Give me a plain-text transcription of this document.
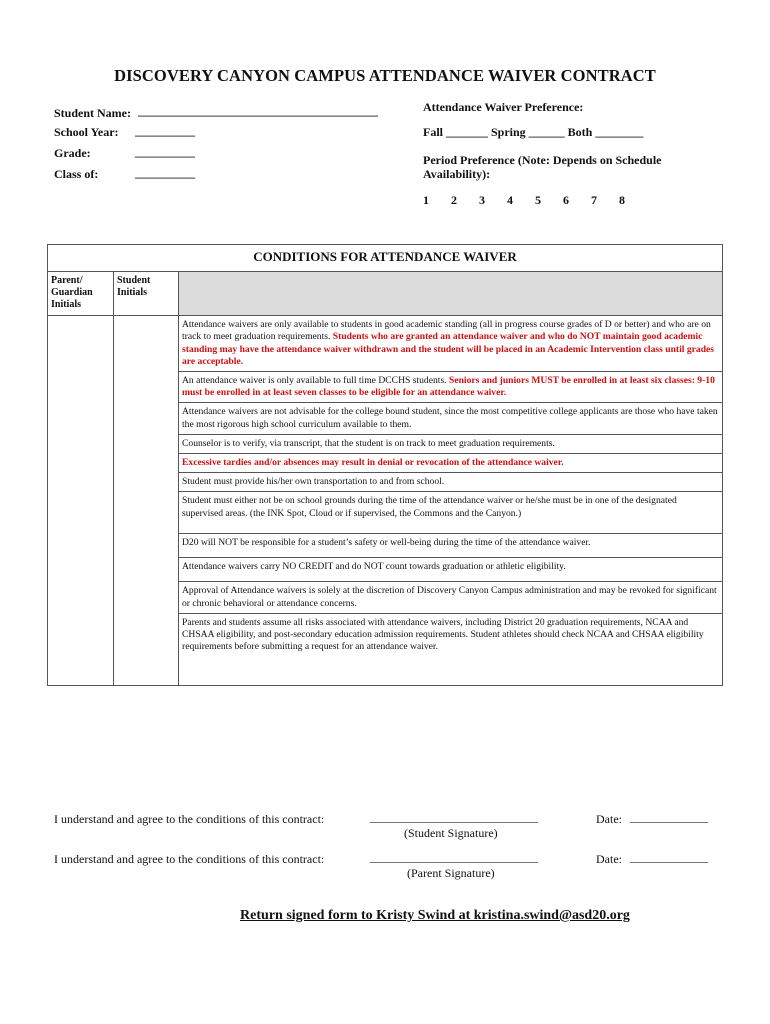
DISCOVERY CANYON CAMPUS ATTENDANCE WAIVER CONTRACT
Student Name: ________________________________________
School Year: __________
Grade:	__________
Class of:	__________
Attendance Waiver Preference:
Fall _______ Spring ______ Both ________
Period Preference (Note: Depends on Schedule Availability):
1 2 3 4 5 6 7 8
CONDITIONS FOR ATTENDANCE WAIVER		
Parent/ Guardian Initials	Student Initials	
		Attendance waivers are only available to students in good academic standing (all in progress course grades of D or better) and who are on track to meet graduation requirements. Students who are granted an attendance waiver and who do NOT maintain good academic standing may have the attendance waiver withdrawn and the student will be placed in an Academic Intervention class until grades are acceptable.
		An attendance waiver is only available to full time DCCHS students. Seniors and juniors MUST be enrolled in at least six classes: 9-10 must be enrolled in at least seven classes to be eligible for an attendance waiver.
		Attendance waivers are not advisable for the college bound student, since the most competitive college applicants are those who have taken the most rigorous high school curriculum available to them.
		Counselor is to verify, via transcript, that the student is on track to meet graduation requirements.
		Excessive tardies and/or absences may result in denial or revocation of the attendance waiver.
		Student must provide his/her own transportation to and from school.
		Student must either not be on school grounds during the time of the attendance waiver or he/she must be in one of the designated supervised areas. (the INK Spot, Cloud or if supervised, the Commons and the Canyon.)
		D20 will NOT be responsible for a student’s safety or well-being during the time of the attendance waiver.
		Attendance waivers carry NO CREDIT and do NOT count towards graduation or athletic eligibility.
		Approval of Attendance waivers is solely at the discretion of Discovery Canyon Campus administration and may be revoked for significant or chronic behavioral or attendance concerns.
		Parents and students assume all risks associated with attendance waivers, including District 20 graduation requirements, NCAA and CHSAA eligibility, and post-secondary education admission requirements. Student athletes should check NCAA and CHSAA eligibility requirements before submitting a request for an attendance waiver.
I understand and agree to the conditions of this contract:	____________________________
(Student Signature)
Date: _____________
I understand and agree to the conditions of this contract:	____________________________
(Parent Signature)
Date: _____________
Return signed form to Kristy Swind at kristina.swind@asd20.org
